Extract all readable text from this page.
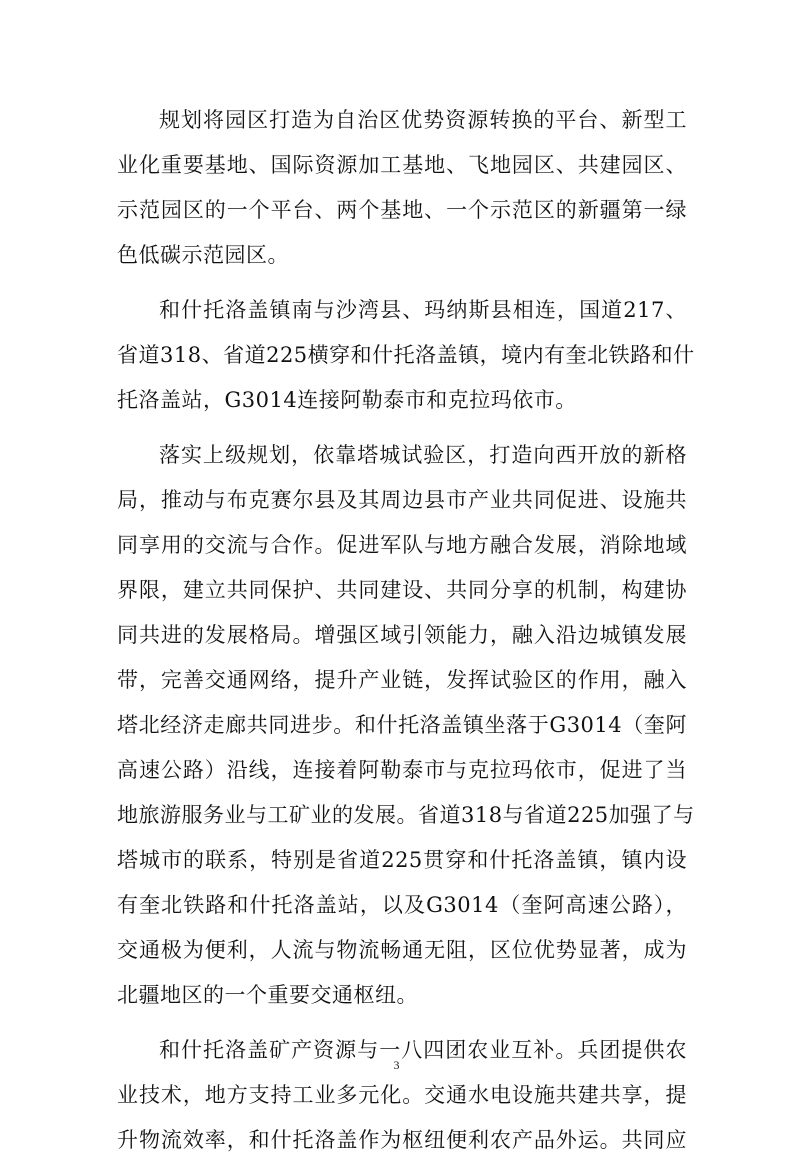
规划将园区打造为自治区优势资源转换的平台、新型工
业化重要基地、国际资源加工基地、飞地园区、共建园区、
示范园区的一个平台、两个基地、一个示范区的新疆第一绿
色低碳示范园区。
和什托洛盖镇南与沙湾县、玛纳斯县相连，国道217、
省道318、省道225横穿和什托洛盖镇，境内有奎北铁路和什
托洛盖站，G3014连接阿勒泰市和克拉玛依市。
落实上级规划，依靠塔城试验区，打造向西开放的新格
局，推动与布克赛尔县及其周边县市产业共同促进、设施共
同享用的交流与合作。促进军队与地方融合发展，消除地域
界限，建立共同保护、共同建设、共同分享的机制，构建协
同共进的发展格局。增强区域引领能力，融入沿边城镇发展
带，完善交通网络，提升产业链，发挥试验区的作用，融入
塔北经济走廊共同进步。和什托洛盖镇坐落于G3014（奎阿
高速公路）沿线，连接着阿勒泰市与克拉玛依市，促进了当
地旅游服务业与工矿业的发展。省道318与省道225加强了与
塔城市的联系，特别是省道225贯穿和什托洛盖镇，镇内设
有奎北铁路和什托洛盖站，以及G3014（奎阿高速公路），
交通极为便利，人流与物流畅通无阻，区位优势显著，成为
北疆地区的一个重要交通枢纽。
和什托洛盖矿产资源与一八四团农业互补。兵团提供农
业技术，地方支持工业多元化。交通水电设施共建共享，提
升物流效率，和什托洛盖作为枢纽便利农产品外运。共同应
3
